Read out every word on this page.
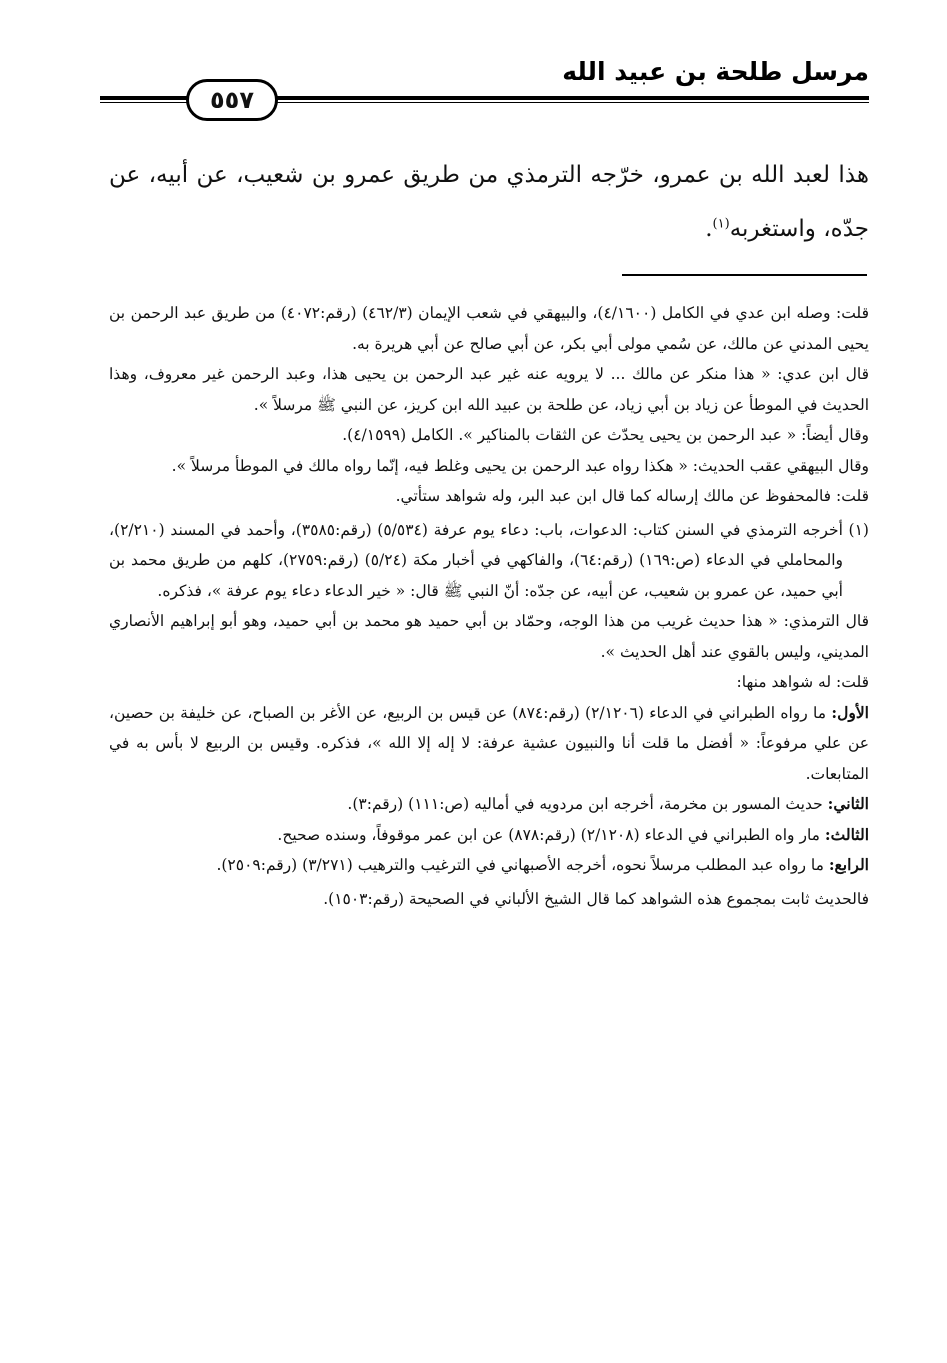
مرسل طلحة بن عبيد الله
٥٥٧

هذا لعبد الله بن عمرو، خرّجه الترمذي من طريق عمرو بن شعيب، عن أبيه، عن جدّه، واستغربه$^{(١)}$.

قلت: وصله ابن عدي في الكامل (٤/١٦٠٠)، والبيهقي في شعب الإيمان (٤٦٢/٣) (رقم:٤٠٧٢) من طريق عبد الرحمن بن يحيى المدني عن مالك، عن سُمي مولى أبي بكر، عن أبي صالح عن أبي هريرة به.

قال ابن عدي: « هذا منكر عن مالك ... لا يرويه عنه غير عبد الرحمن بن يحيى هذا، وعبد الرحمن غير معروف، وهذا الحديث في الموطأ عن زياد بن أبي زياد، عن طلحة بن عبيد الله ابن كريز، عن النبي ﷺ مرسلاً ».

وقال أيضاً: « عبد الرحمن بن يحيى يحدّث عن الثقات بالمناكير ». الكامل (٤/١٥٩٩).

وقال البيهقي عقب الحديث: « هكذا رواه عبد الرحمن بن يحيى وغلط فيه، إنّما رواه مالك في الموطأ مرسلاً ».

قلت: فالمحفوظ عن مالك إرساله كما قال ابن عبد البر، وله شواهد ستأتي.

(١) أخرجه الترمذي في السنن كتاب: الدعوات، باب: دعاء يوم عرفة (٥/٥٣٤) (رقم:٣٥٨٥)، وأحمد في المسند (٢/٢١٠)، والمحاملي في الدعاء (ص:١٦٩) (رقم:٦٤)، والفاكهي في أخبار مكة (٥/٢٤) (رقم:٢٧٥٩)، كلهم من طريق محمد بن أبي حميد، عن عمرو بن شعيب، عن أبيه، عن جدّه: أنّ النبي ﷺ قال: « خير الدعاء دعاء يوم عرفة »، فذكره.

قال الترمذي: « هذا حديث غريب من هذا الوجه، وحمّاد بن أبي حميد هو محمد بن أبي حميد، وهو أبو إبراهيم الأنصاري المديني، وليس بالقوي عند أهل الحديث ».

قلت: له شواهد منها:

الأول: ما رواه الطبراني في الدعاء (٢/١٢٠٦) (رقم:٨٧٤) عن قيس بن الربيع، عن الأغر بن الصباح، عن خليفة بن حصين، عن علي مرفوعاً: « أفضل ما قلت أنا والنبيون عشية عرفة: لا إله إلا الله »، فذكره. وقيس بن الربيع لا بأس به في المتابعات.

الثاني: حديث المسور بن مخرمة، أخرجه ابن مردويه في أماليه (ص:١١١) (رقم:٣).

الثالث: مار واه الطبراني في الدعاء (٢/١٢٠٨) (رقم:٨٧٨) عن ابن عمر موقوفاً، وسنده صحيح.

الرابع: ما رواه عبد المطلب مرسلاً نحوه، أخرجه الأصبهاني في الترغيب والترهيب (٣/٢٧١) (رقم:٢٥٠٩).

فالحديث ثابت بمجموع هذه الشواهد كما قال الشيخ الألباني في الصحيحة (رقم:١٥٠٣).
